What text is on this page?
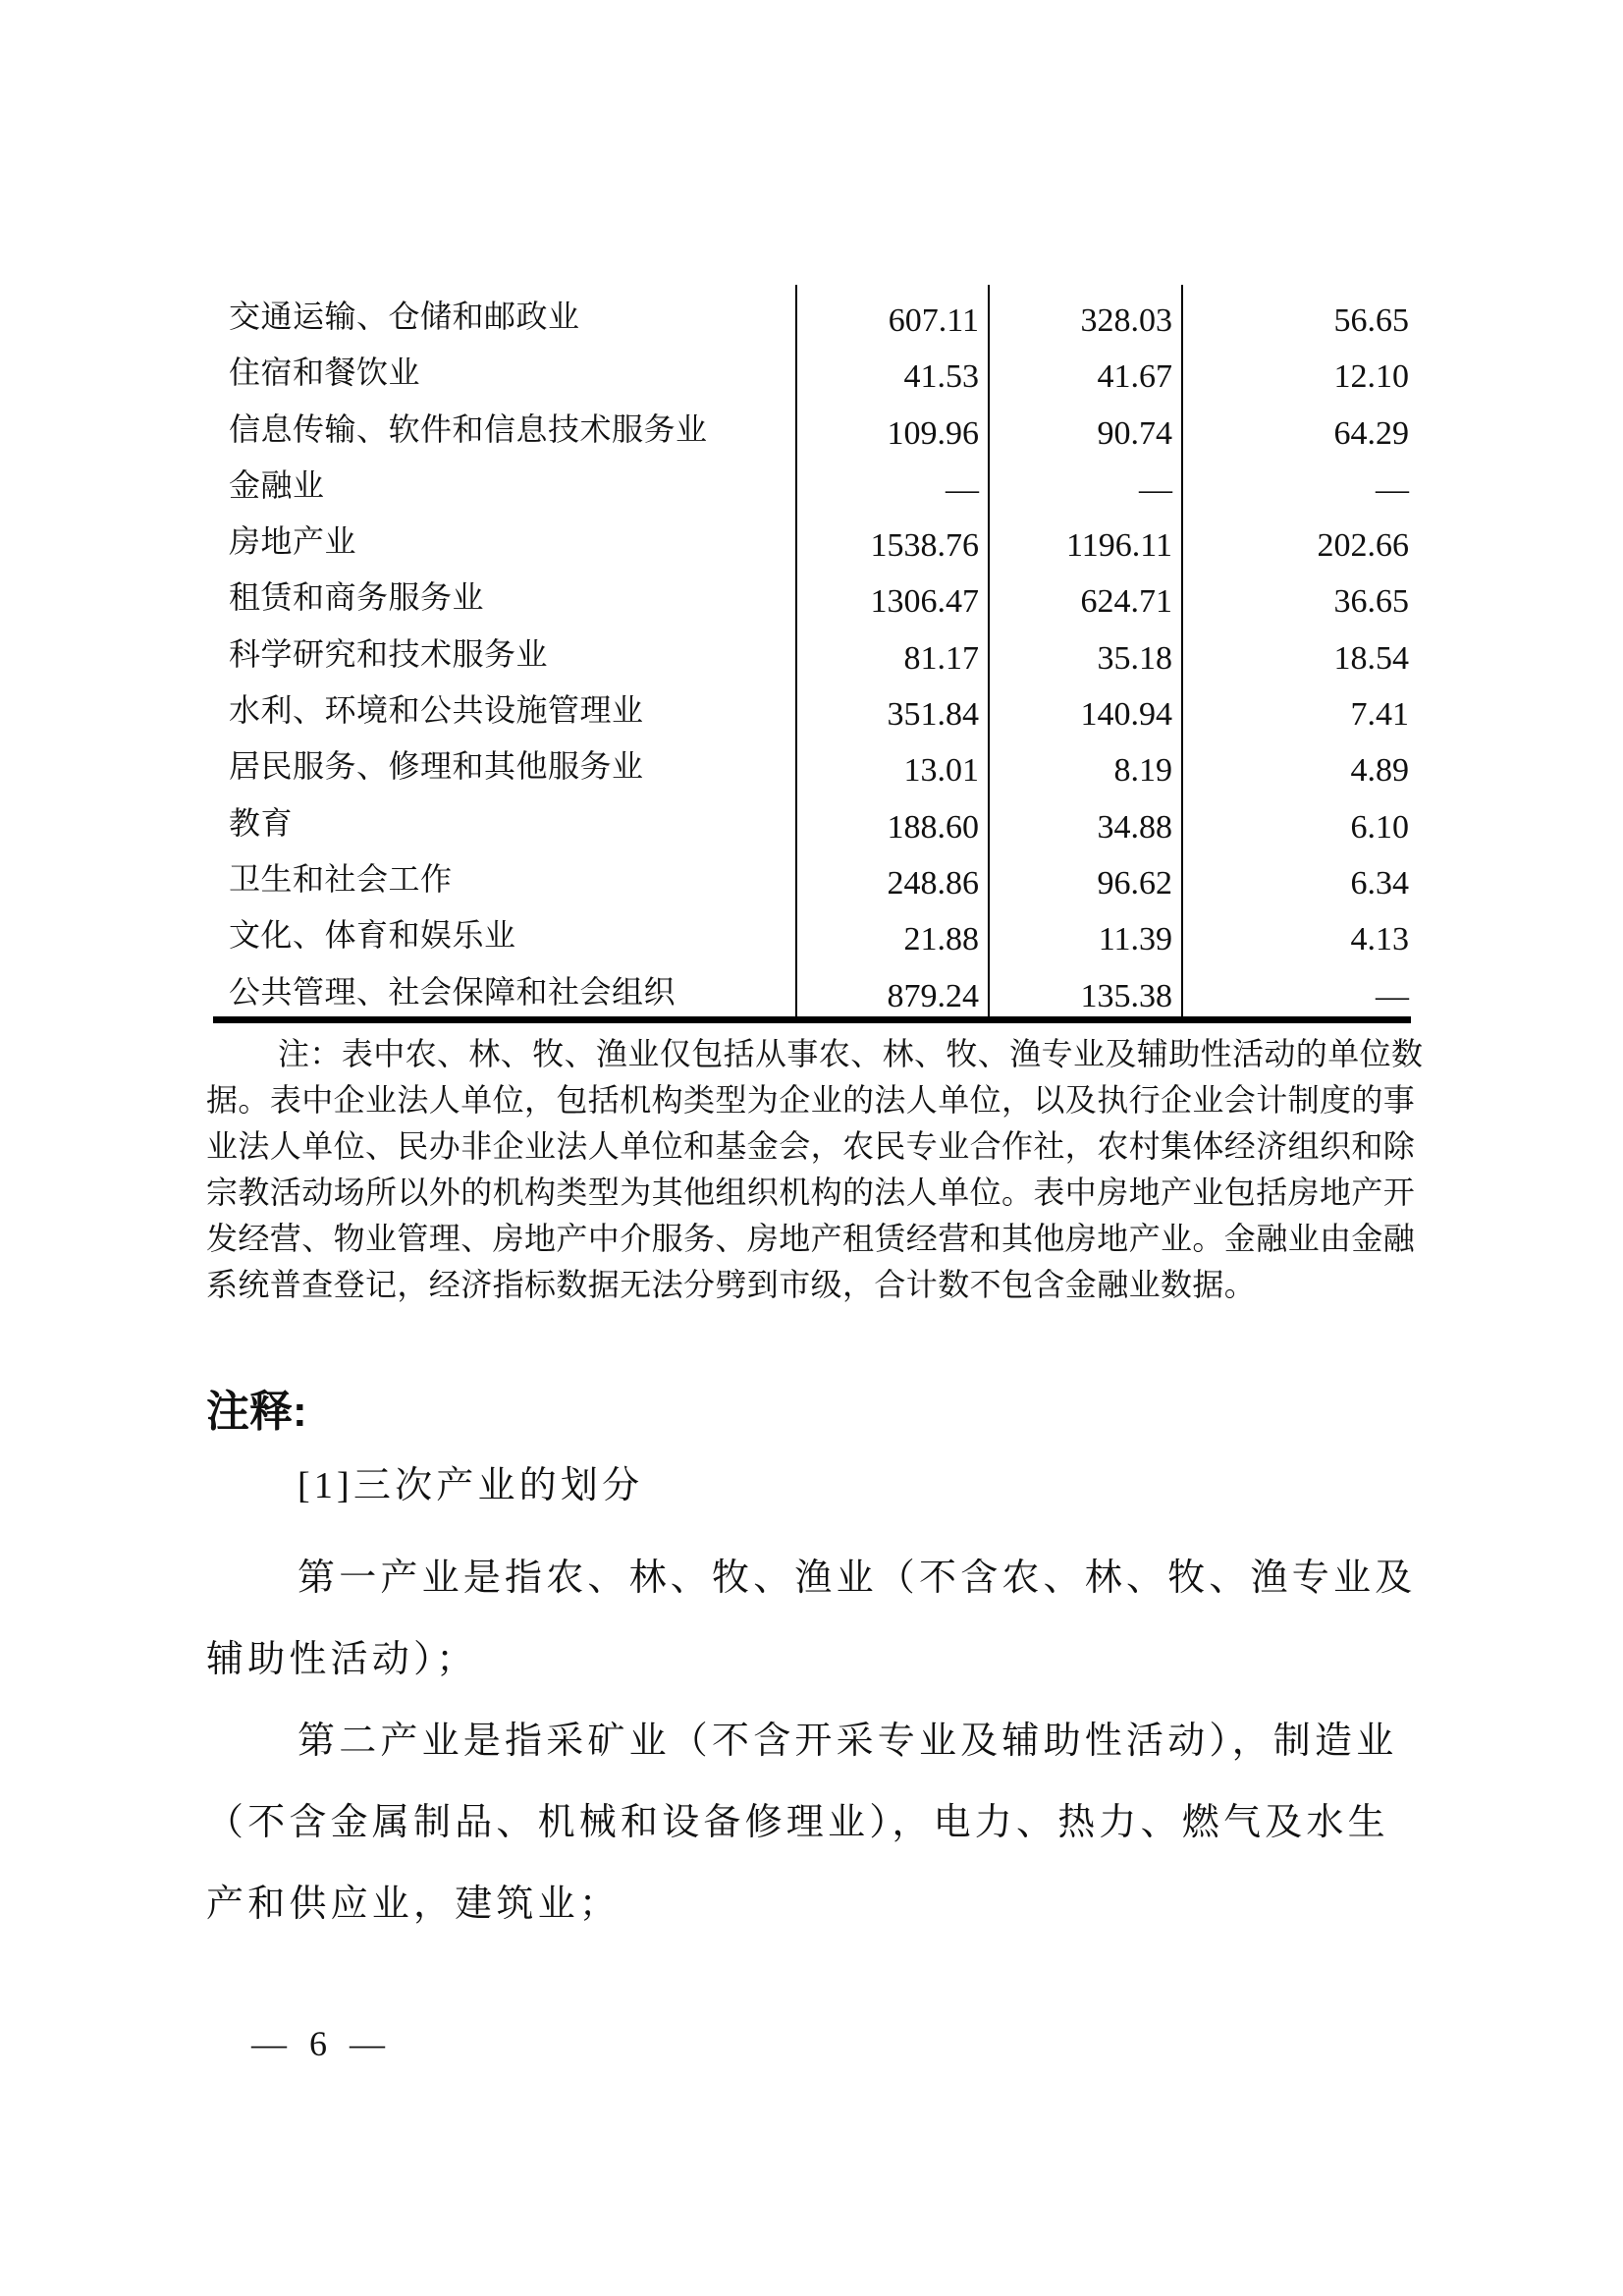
交通运输、仓储和邮政业	607.11	328.03	56.65
住宿和餐饮业	41.53	41.67	12.10
信息传输、软件和信息技术服务业	109.96	90.74	64.29
金融业	—	—	—
房地产业	1538.76	1196.11	202.66
租赁和商务服务业	1306.47	624.71	36.65
科学研究和技术服务业	81.17	35.18	18.54
水利、环境和公共设施管理业	351.84	140.94	7.41
居民服务、修理和其他服务业	13.01	8.19	4.89
教育	188.60	34.88	6.10
卫生和社会工作	248.86	96.62	6.34
文化、体育和娱乐业	21.88	11.39	4.13
公共管理、社会保障和社会组织	879.24	135.38	—
注：表中农、林、牧、渔业仅包括从事农、林、牧、渔专业及辅助性活动的单位数
据。表中企业法人单位，包括机构类型为企业的法人单位，以及执行企业会计制度的事
业法人单位、民办非企业法人单位和基金会，农民专业合作社，农村集体经济组织和除
宗教活动场所以外的机构类型为其他组织机构的法人单位。表中房地产业包括房地产开
发经营、物业管理、房地产中介服务、房地产租赁经营和其他房地产业。金融业由金融
系统普查登记，经济指标数据无法分劈到市级，合计数不包含金融业数据。
注释:
[1]三次产业的划分
第一产业是指农、林、牧、渔业（不含农、林、牧、渔专业及
辅助性活动）；
第二产业是指采矿业（不含开采专业及辅助性活动），制造业
（不含金属制品、机械和设备修理业），电力、热力、燃气及水生
产和供应业，建筑业；
— 6 —
